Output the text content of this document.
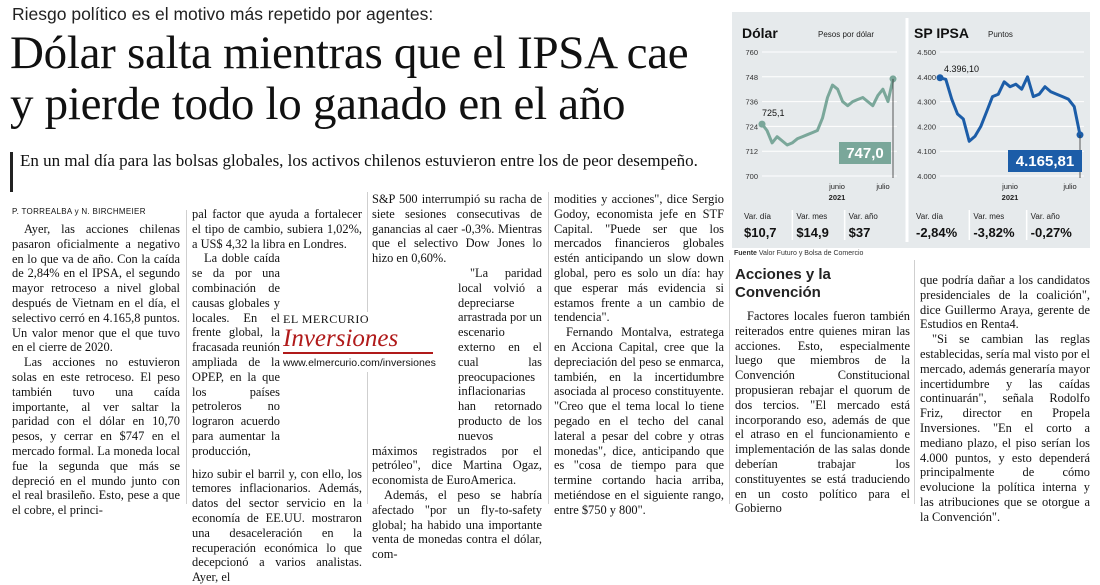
Riesgo político es el motivo más repetido por agentes:
Dólar salta mientras que el IPSA cae
y pierde todo lo ganado en el año
En un mal día para las bolsas globales, los activos chilenos estuvieron entre los de peor desempeño.
P. TORREALBA y N. BIRCHMEIER

Ayer, las acciones chilenas pasaron oficialmente a negativo en lo que va de año. Con la caída de 2,84% en el IPSA, el segundo mayor retroceso a nivel global después de Vietnam en el día, el selectivo cerró en 4.165,8 puntos. Un valor menor que el que tuvo en el cierre de 2020.

Las acciones no estuvieron solas en este retroceso. El peso también tuvo una caída importante, al ver saltar la paridad con el dólar en 10,70 pesos, y cerrar en $747 en el mercado formal. La moneda local fue la segunda que más se depreció en el mundo junto con el real brasileño. Esto, pese a que el cobre, el princi-

pal factor que ayuda a fortalecer el tipo de cambio, subiera 1,02%, a US$ 4,32 la libra en Londres.

La doble caída se da por una combinación de causas globales y locales. En el frente global, la fracasada reunión ampliada de la OPEP, en la que los países petroleros no lograron acuerdo para aumentar la producción,

hizo subir el barril y, con ello, los temores inflacionarios. Además, datos del sector servicio en la economía de EE.UU. mostraron una desaceleración en la recuperación económica lo que decepcionó a varios analistas. Ayer, el

S&P 500 interrumpió su racha de siete sesiones consecutivas de ganancias al caer -0,3%. Mientras que el selectivo Dow Jones lo hizo en 0,60%.

"La paridad local volvió a depreciarse arrastrada por un escenario externo en el cual las preocupaciones inflacionarias han retornado producto de los nuevos

máximos registrados por el petróleo", dice Martina Ogaz, economista de EuroAmerica.

Además, el peso se habría afectado "por un fly-to-safety global; ha habido una importante venta de monedas contra el dólar, com-

modities y acciones", dice Sergio Godoy, economista jefe en STF Capital. "Puede ser que los mercados financieros globales estén anticipando un slow down global, pero es solo un día: hay que esperar más evidencia si estamos frente a un cambio de tendencia".

Fernando Montalva, estratega en Acciona Capital, cree que la depreciación del peso se enmarca, también, en la incertidumbre asociada al proceso constituyente. "Creo que el tema local lo tiene pegado en el techo del canal lateral a pesar del cobre y otras monedas", dice, anticipando que es "cosa de tiempo para que termine cortando hacia arriba, metiéndose en el siguiente rango, entre $750 y 800".

EL MERCURIO
Inversiones
www.elmercurio.com/inversiones
Acciones y la Convención

Factores locales fueron también reiterados entre quienes miran las acciones. Esto, especialmente luego que miembros de la Convención Constitucional propusieran rebajar el quorum de dos tercios. "El mercado está incorporando eso, además de que el atraso en el funcionamiento e implementación de las salas donde deberían trabajar los constituyentes se está traduciendo en un costo político para el Gobierno

que podría dañar a los candidatos presidenciales de la coalición", dice Guillermo Araya, gerente de Estudios en Renta4.

"Si se cambian las reglas establecidas, sería mal visto por el mercado, además generaría mayor incertidumbre y las caídas continuarán", señala Rodolfo Friz, director en Propela Inversiones. "En el corto a mediano plazo, el piso serían los 4.000 puntos, y esto dependerá principalmente de cómo evolucione la política interna y las atribuciones que se otorgue a la Convención".

Dólar	Pesos por dólar
760
748
736
724
712
700
725,1
747,0
junio	julio
2021
Var. día
$10,7
Var. mes
$14,9
Var. año
$37
SP IPSA Puntos
4.500
4.400
4.300
4.200
4.100
4.000
4.396,10
4.165,81
junio	julio
2021
Var. día
-2,84%
Var. mes
-3,82%
Var. año
-0,27%
Fuente Valor Futuro y Bolsa de Comercio
